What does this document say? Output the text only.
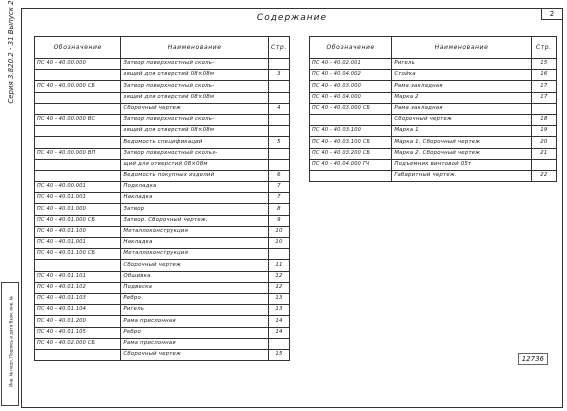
2
Содержание
Обозначение	Наименование	Стр.
ПС 40 - 40.00.000	Затвор поверхностный сколь-	
	зящий для отверстий 08×08м	3
ПС 40 - 40.00.000 СБ	Затвор поверхностный сколь-	
	зящий для отверстий 08×08м	
	Сборочный чертеж	4
ПС 40 - 40.00.000 ВС	Затвор поверхностный сколь-	
	зящий для отверстий 08×08м	
	Ведомость спецификаций	5
ПС 40 - 40.00.000 ВП	Затвор поверхностный скольз-	
	щий для отверстий 08×08м	
	Ведомость покупных изделий	6
ПС 40 - 40.00.001	Подкладка	7
ПС 40 - 40.01.001	Накладка	7
ПС 40 - 40.01.000	Затвор	8
ПС 40 - 40.01.000 СБ	Затвор. Сборочный чертеж.	9
ПС 40 - 40.01.100	Металлоконструкция	10
ПС 40 - 40.01.001	Накладка	10
ПС 40 - 40.01.100 СБ	Металлоконструкция	
	Сборочный чертеж	11
ПС 40 - 40.01.101	Обшивка	12
ПС 40 - 40.01.102	Подвеска	12
ПС 40 - 40.01.103	Ребро	13
ПС 40 - 40.01.104	Ригель	13
ПС 40 - 40.01.200	Рама прислонная	14
ПС 40 - 40.01.105	Ребро	14
ПС 40 - 40.02.000 СБ	Рама прислонная	
	Сборочный чертеж	15
Обозначение	Наименование	Стр.
ПС 40 - 40.02.001	Ригель	15
ПС 40 - 40.04.002	Стойка	16
ПС 40 - 40.03.000	Рама закладная	17
ПС 40 - 40.04.000	Марка 2	17
ПС 40 - 40.03.000 СБ	Рама закладная	
	Сборочный чертеж	18
ПС 40 - 40.03.100	Марка 1	19
ПС 40 - 40.03.100 СБ	Марка 1. Сборочный чертеж	20
ПС 40 - 40.03.200 СБ	Марка 2. Сборочный чертеж	21
ПС 40 - 40.04.000 ГЧ	Подъемник винтовой 05т	
	Габаритный чертеж.	22
12736
Серия 3.820.2 - 31 Выпуск 2
Инв. № подл. Подпись и дата Взам. инв. №
